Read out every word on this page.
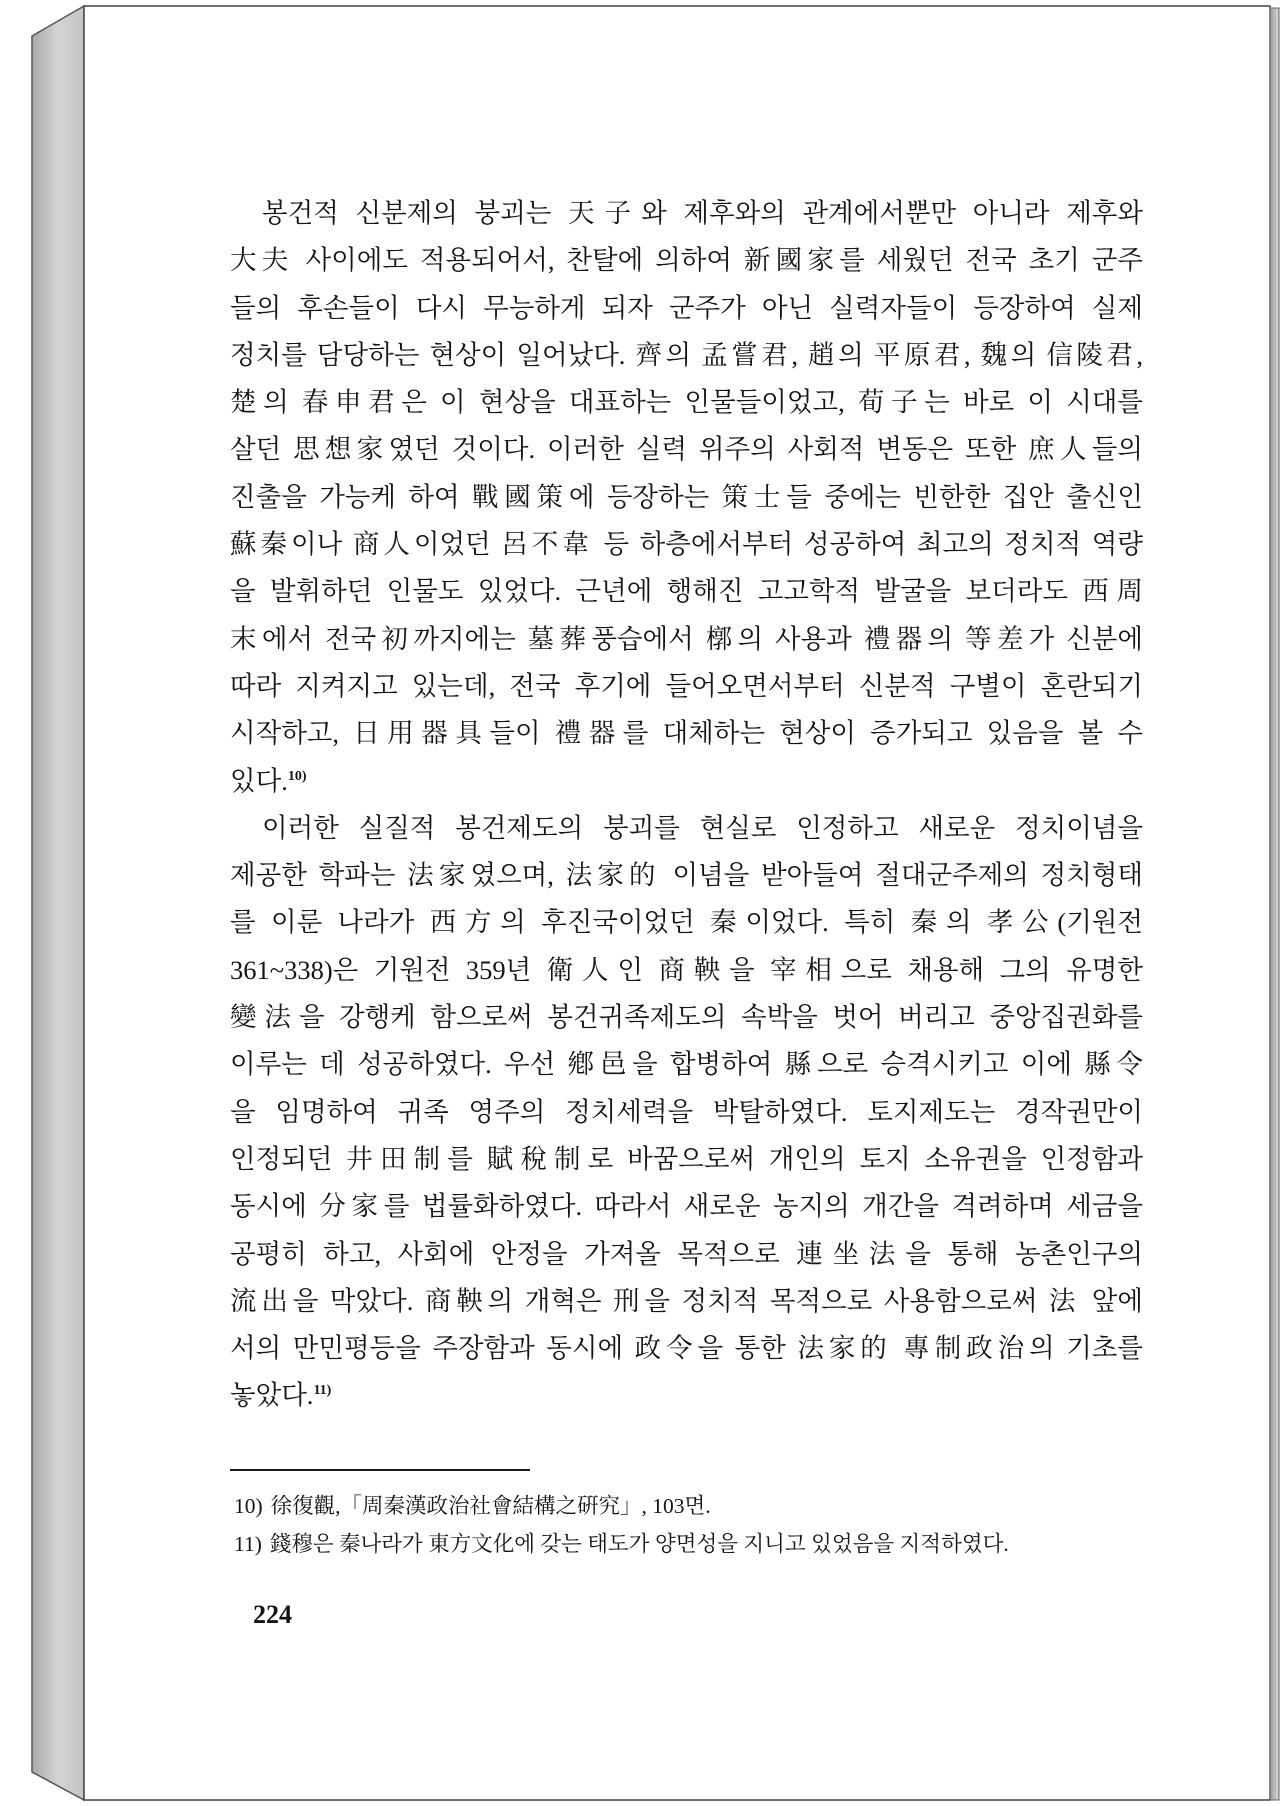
봉건적 신분제의 붕괴는 天子와 제후와의 관계에서뿐만 아니라 제후와
大夫 사이에도 적용되어서, 찬탈에 의하여 新國家를 세웠던 전국 초기 군주
들의 후손들이 다시 무능하게 되자 군주가 아닌 실력자들이 등장하여 실제
정치를 담당하는 현상이 일어났다. 齊의 孟嘗君, 趙의 平原君, 魏의 信陵君,
楚의 春申君은 이 현상을 대표하는 인물들이었고, 荀子는 바로 이 시대를
살던 思想家였던 것이다. 이러한 실력 위주의 사회적 변동은 또한 庶人들의
진출을 가능케 하여 戰國策에 등장하는 策士들 중에는 빈한한 집안 출신인
蘇秦이나 商人이었던 呂不韋 등 하층에서부터 성공하여 최고의 정치적 역량
을 발휘하던 인물도 있었다. 근년에 행해진 고고학적 발굴을 보더라도 西周
末에서 전국初까지에는 墓葬풍습에서 槨의 사용과 禮器의 等差가 신분에
따라 지켜지고 있는데, 전국 후기에 들어오면서부터 신분적 구별이 혼란되기
시작하고, 日用器具들이 禮器를 대체하는 현상이 증가되고 있음을 볼 수
있다.$^{10)}$
이러한 실질적 봉건제도의 붕괴를 현실로 인정하고 새로운 정치이념을
제공한 학파는 法家였으며, 法家的 이념을 받아들여 절대군주제의 정치형태
를 이룬 나라가 西方의 후진국이었던 秦이었다. 특히 秦의 孝公(기원전
361~338)은 기원전 359년 衛人인 商鞅을 宰相으로 채용해 그의 유명한
變法을 강행케 함으로써 봉건귀족제도의 속박을 벗어 버리고 중앙집권화를
이루는 데 성공하였다. 우선 鄕邑을 합병하여 縣으로 승격시키고 이에 縣令
을 임명하여 귀족 영주의 정치세력을 박탈하였다. 토지제도는 경작권만이
인정되던 井田制를 賦稅制로 바꿈으로써 개인의 토지 소유권을 인정함과
동시에 分家를 법률화하였다. 따라서 새로운 농지의 개간을 격려하며 세금을
공평히 하고, 사회에 안정을 가져올 목적으로 連坐法을 통해 농촌인구의
流出을 막았다. 商鞅의 개혁은 刑을 정치적 목적으로 사용함으로써 法 앞에
서의 만민평등을 주장함과 동시에 政令을 통한 法家的 專制政治의 기초를
놓았다.$^{11)}$
10) 徐復觀,「周秦漢政治社會結構之硏究」, 103면.
11) 錢穆은 秦나라가 東方文化에 갖는 태도가 양면성을 지니고 있었음을 지적하였다.
224
